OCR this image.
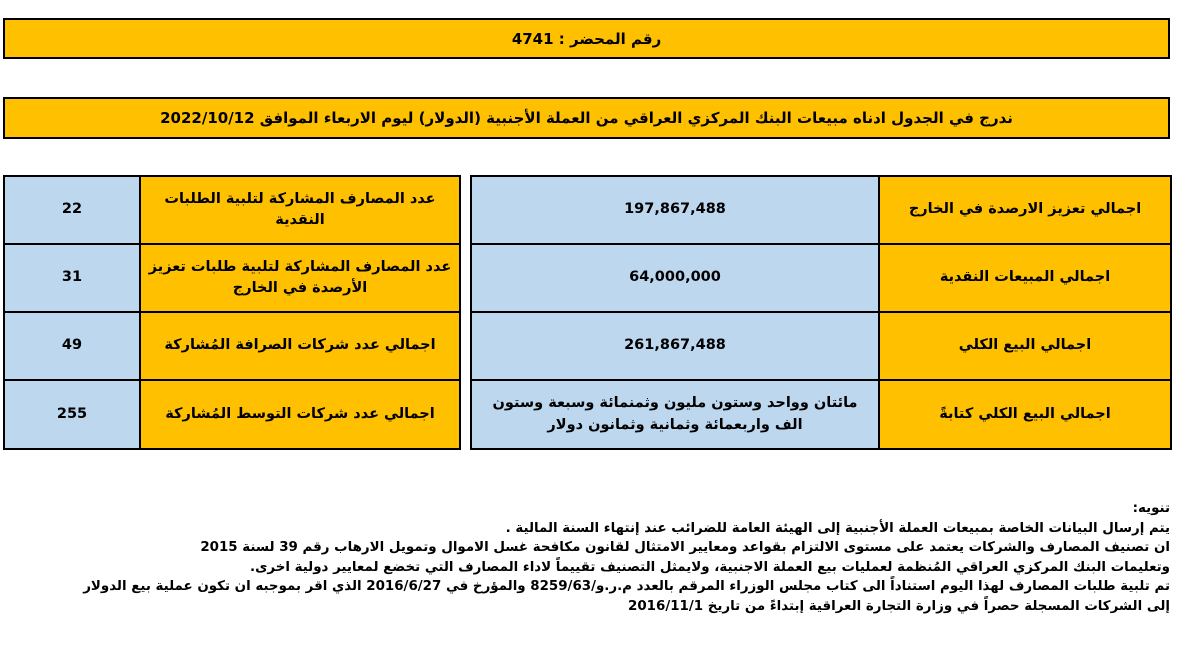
رقم المحضر : 4741
ندرج في الجدول ادناه مبيعات البنك المركزي العراقي من العملة الأجنبية (الدولار) ليوم الاربعاء الموافق 2022/10/12
اجمالي تعزيز الارصدة في الخارج	197,867,488		عدد المصارف المشاركة لتلبية الطلبات النقدية	22
اجمالي المبيعات النقدية	64,000,000		عدد المصارف المشاركة لتلبية طلبات تعزيز الأرصدة في الخارج	31
اجمالي البيع الكلي	261,867,488		اجمالي عدد شركات الصرافة المُشاركة	49
اجمالي البيع الكلي كتابةً	مائتان وواحد وستون مليون وثمنمائة وسبعة وستون الف واربعمائة وثمانية وثمانون دولار		اجمالي عدد شركات التوسط المُشاركة	255
تنويه:
يتم إرسال البيانات الخاصة بمبيعات العملة الأجنبية إلى الهيئة العامة للضرائب عند إنتهاء السنة المالية .
ان تصنيف المصارف والشركات يعتمد على مستوى الالتزام بقواعد ومعايير الامتثال لقانون مكافحة غسل الاموال وتمويل الارهاب رقم 39 لسنة 2015
وتعليمات البنك المركزي العراقي المُنظمة لعمليات بيع العملة الاجنبية، ولايمثل التصنيف تقييماً لاداء المصارف التي تخضع لمعايير دولية اخرى.
تم تلبية طلبات المصارف لهذا اليوم استناداً الى كتاب مجلس الوزراء المرقم بالعدد م.ر.و/8259/63 والمؤرخ في 2016/6/27 الذي اقر بموجبه ان تكون عملية بيع الدولار
إلى الشركات المسجلة حصراً في وزارة التجارة العراقية إبتداءً من تاريخ 2016/11/1
